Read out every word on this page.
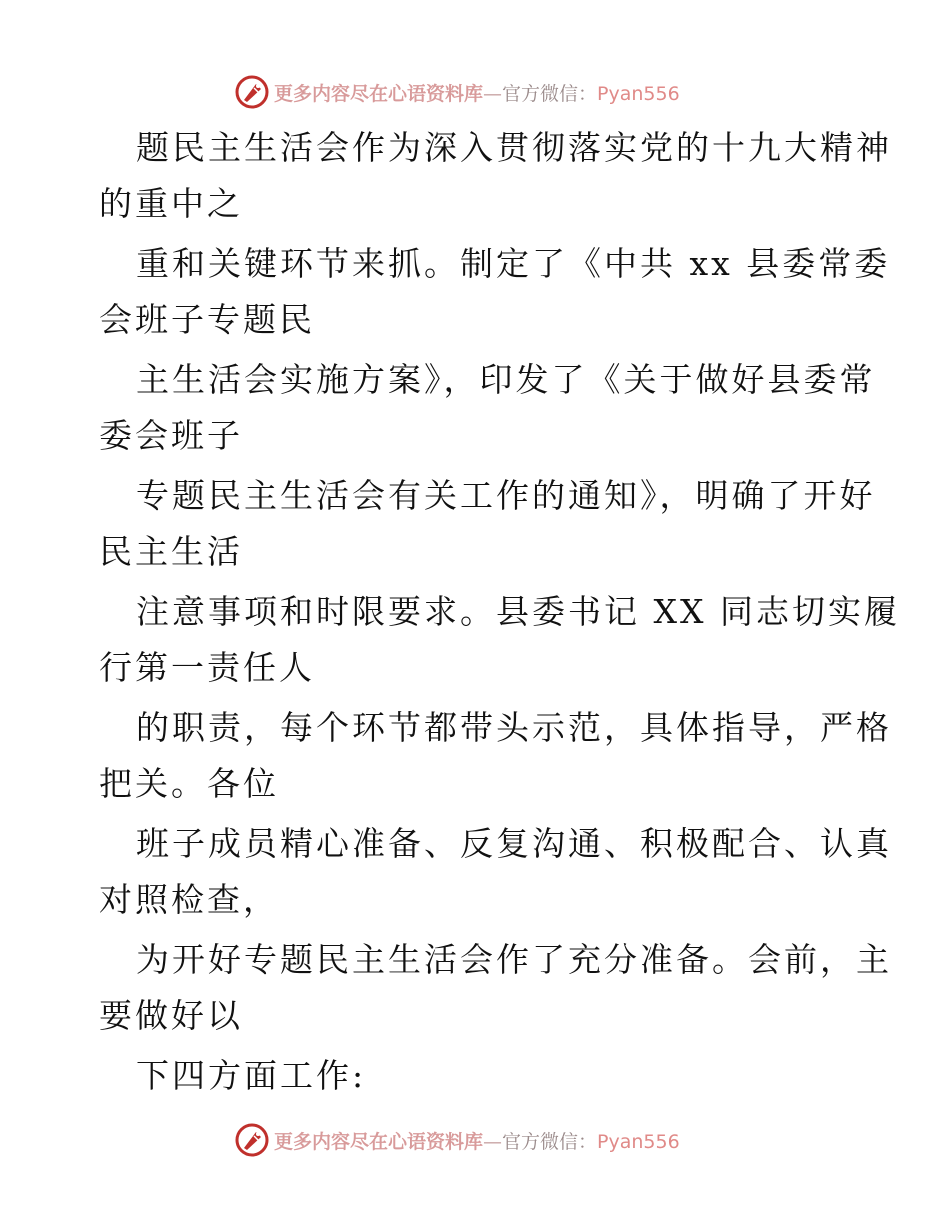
更多内容尽在心语资料库—官方微信：Pyan556
题民主生活会作为深入贯彻落实党的十九大精神
的重中之
重和关键环节来抓。制定了《中共 xx 县委常委
会班子专题民
主生活会实施方案》，印发了《关于做好县委常
委会班子
专题民主生活会有关工作的通知》，明确了开好
民主生活
注意事项和时限要求。县委书记 XX 同志切实履
行第一责任人
的职责，每个环节都带头示范，具体指导，严格
把关。各位
班子成员精心准备、反复沟通、积极配合、认真
对照检查，
为开好专题民主生活会作了充分准备。会前，主
要做好以
下四方面工作:
更多内容尽在心语资料库—官方微信：Pyan556
